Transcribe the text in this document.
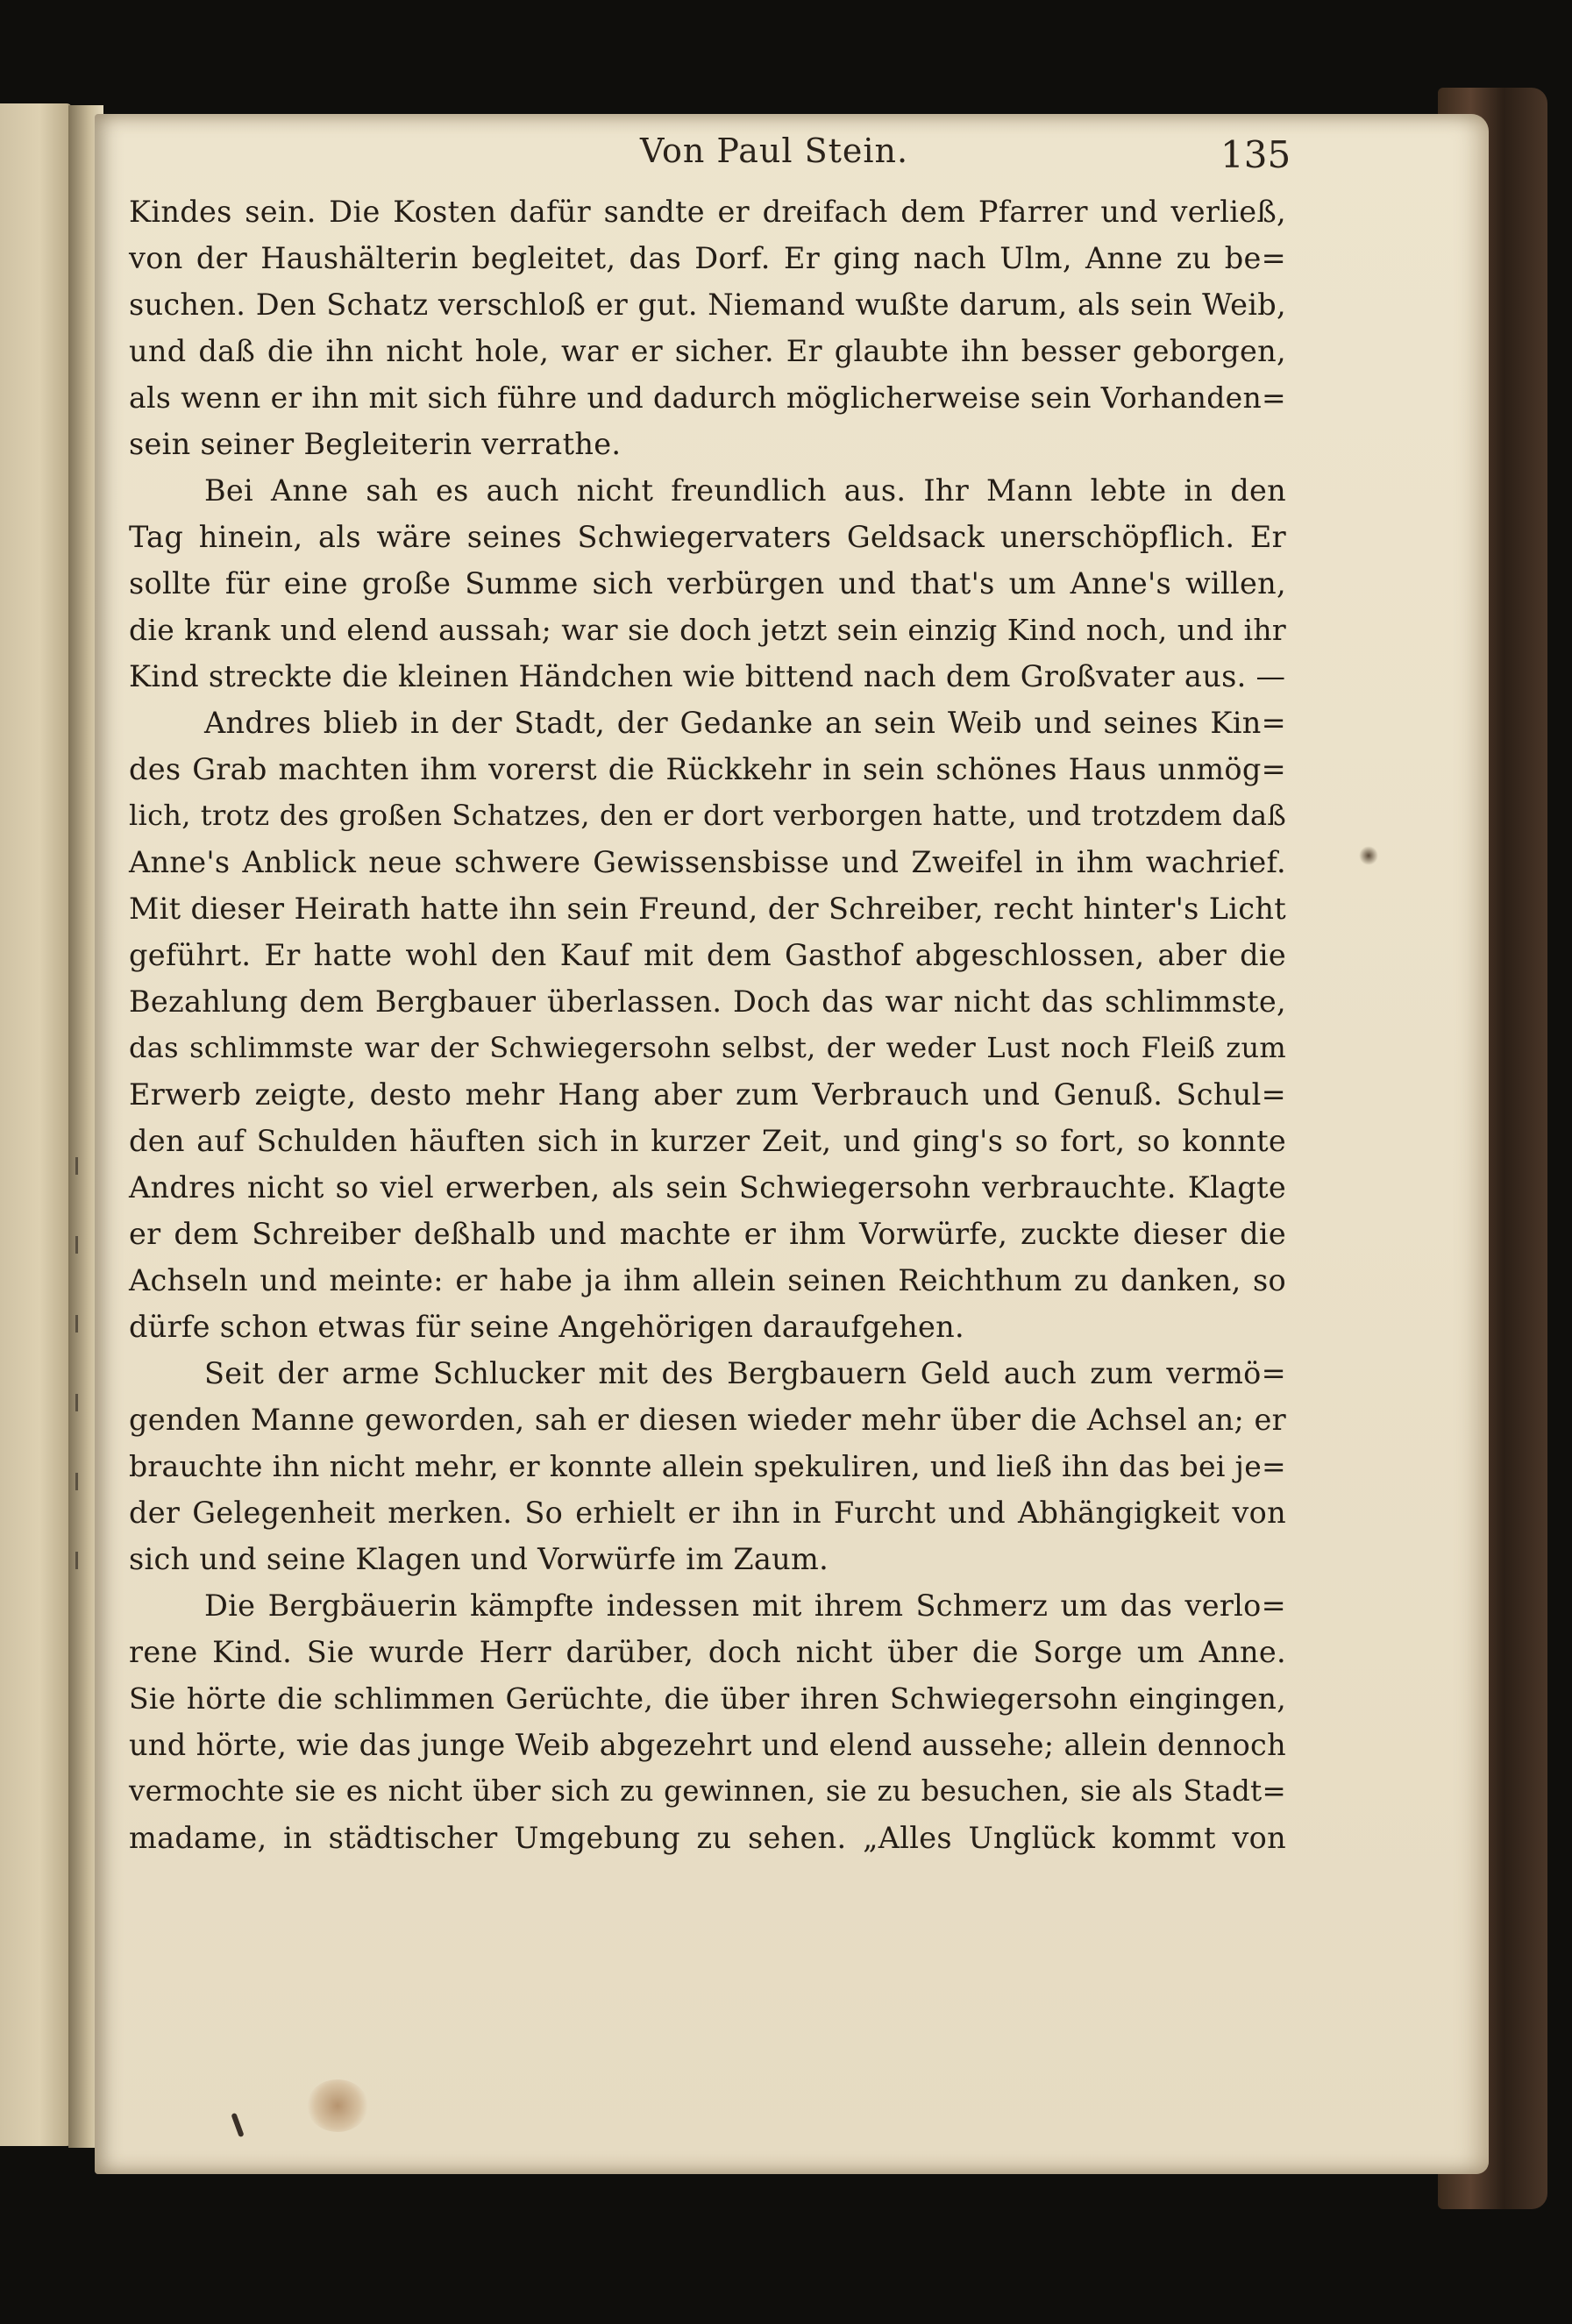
Von Paul Stein.	135
Kindes sein. Die Kosten dafür sandte er dreifach dem Pfarrer und verließ,
von der Haushälterin begleitet, das Dorf. Er ging nach Ulm, Anne zu be=
suchen. Den Schatz verschloß er gut. Niemand wußte darum, als sein Weib,
und daß die ihn nicht hole, war er sicher. Er glaubte ihn besser geborgen,
als wenn er ihn mit sich führe und dadurch möglicherweise sein Vorhanden=
sein seiner Begleiterin verrathe.
Bei Anne sah es auch nicht freundlich aus. Ihr Mann lebte in den
Tag hinein, als wäre seines Schwiegervaters Geldsack unerschöpflich. Er
sollte für eine große Summe sich verbürgen und that's um Anne's willen,
die krank und elend aussah; war sie doch jetzt sein einzig Kind noch, und ihr
Kind streckte die kleinen Händchen wie bittend nach dem Großvater aus. —
Andres blieb in der Stadt, der Gedanke an sein Weib und seines Kin=
des Grab machten ihm vorerst die Rückkehr in sein schönes Haus unmög=
lich, trotz des großen Schatzes, den er dort verborgen hatte, und trotzdem daß
Anne's Anblick neue schwere Gewissensbisse und Zweifel in ihm wachrief.
Mit dieser Heirath hatte ihn sein Freund, der Schreiber, recht hinter's Licht
geführt. Er hatte wohl den Kauf mit dem Gasthof abgeschlossen, aber die
Bezahlung dem Bergbauer überlassen. Doch das war nicht das schlimmste,
das schlimmste war der Schwiegersohn selbst, der weder Lust noch Fleiß zum
Erwerb zeigte, desto mehr Hang aber zum Verbrauch und Genuß. Schul=
den auf Schulden häuften sich in kurzer Zeit, und ging's so fort, so konnte
Andres nicht so viel erwerben, als sein Schwiegersohn verbrauchte. Klagte
er dem Schreiber deßhalb und machte er ihm Vorwürfe, zuckte dieser die
Achseln und meinte: er habe ja ihm allein seinen Reichthum zu danken, so
dürfe schon etwas für seine Angehörigen daraufgehen.
Seit der arme Schlucker mit des Bergbauern Geld auch zum vermö=
genden Manne geworden, sah er diesen wieder mehr über die Achsel an; er
brauchte ihn nicht mehr, er konnte allein spekuliren, und ließ ihn das bei je=
der Gelegenheit merken. So erhielt er ihn in Furcht und Abhängigkeit von
sich und seine Klagen und Vorwürfe im Zaum.
Die Bergbäuerin kämpfte indessen mit ihrem Schmerz um das verlo=
rene Kind. Sie wurde Herr darüber, doch nicht über die Sorge um Anne.
Sie hörte die schlimmen Gerüchte, die über ihren Schwiegersohn eingingen,
und hörte, wie das junge Weib abgezehrt und elend aussehe; allein dennoch
vermochte sie es nicht über sich zu gewinnen, sie zu besuchen, sie als Stadt=
madame, in städtischer Umgebung zu sehen. „Alles Unglück kommt von
